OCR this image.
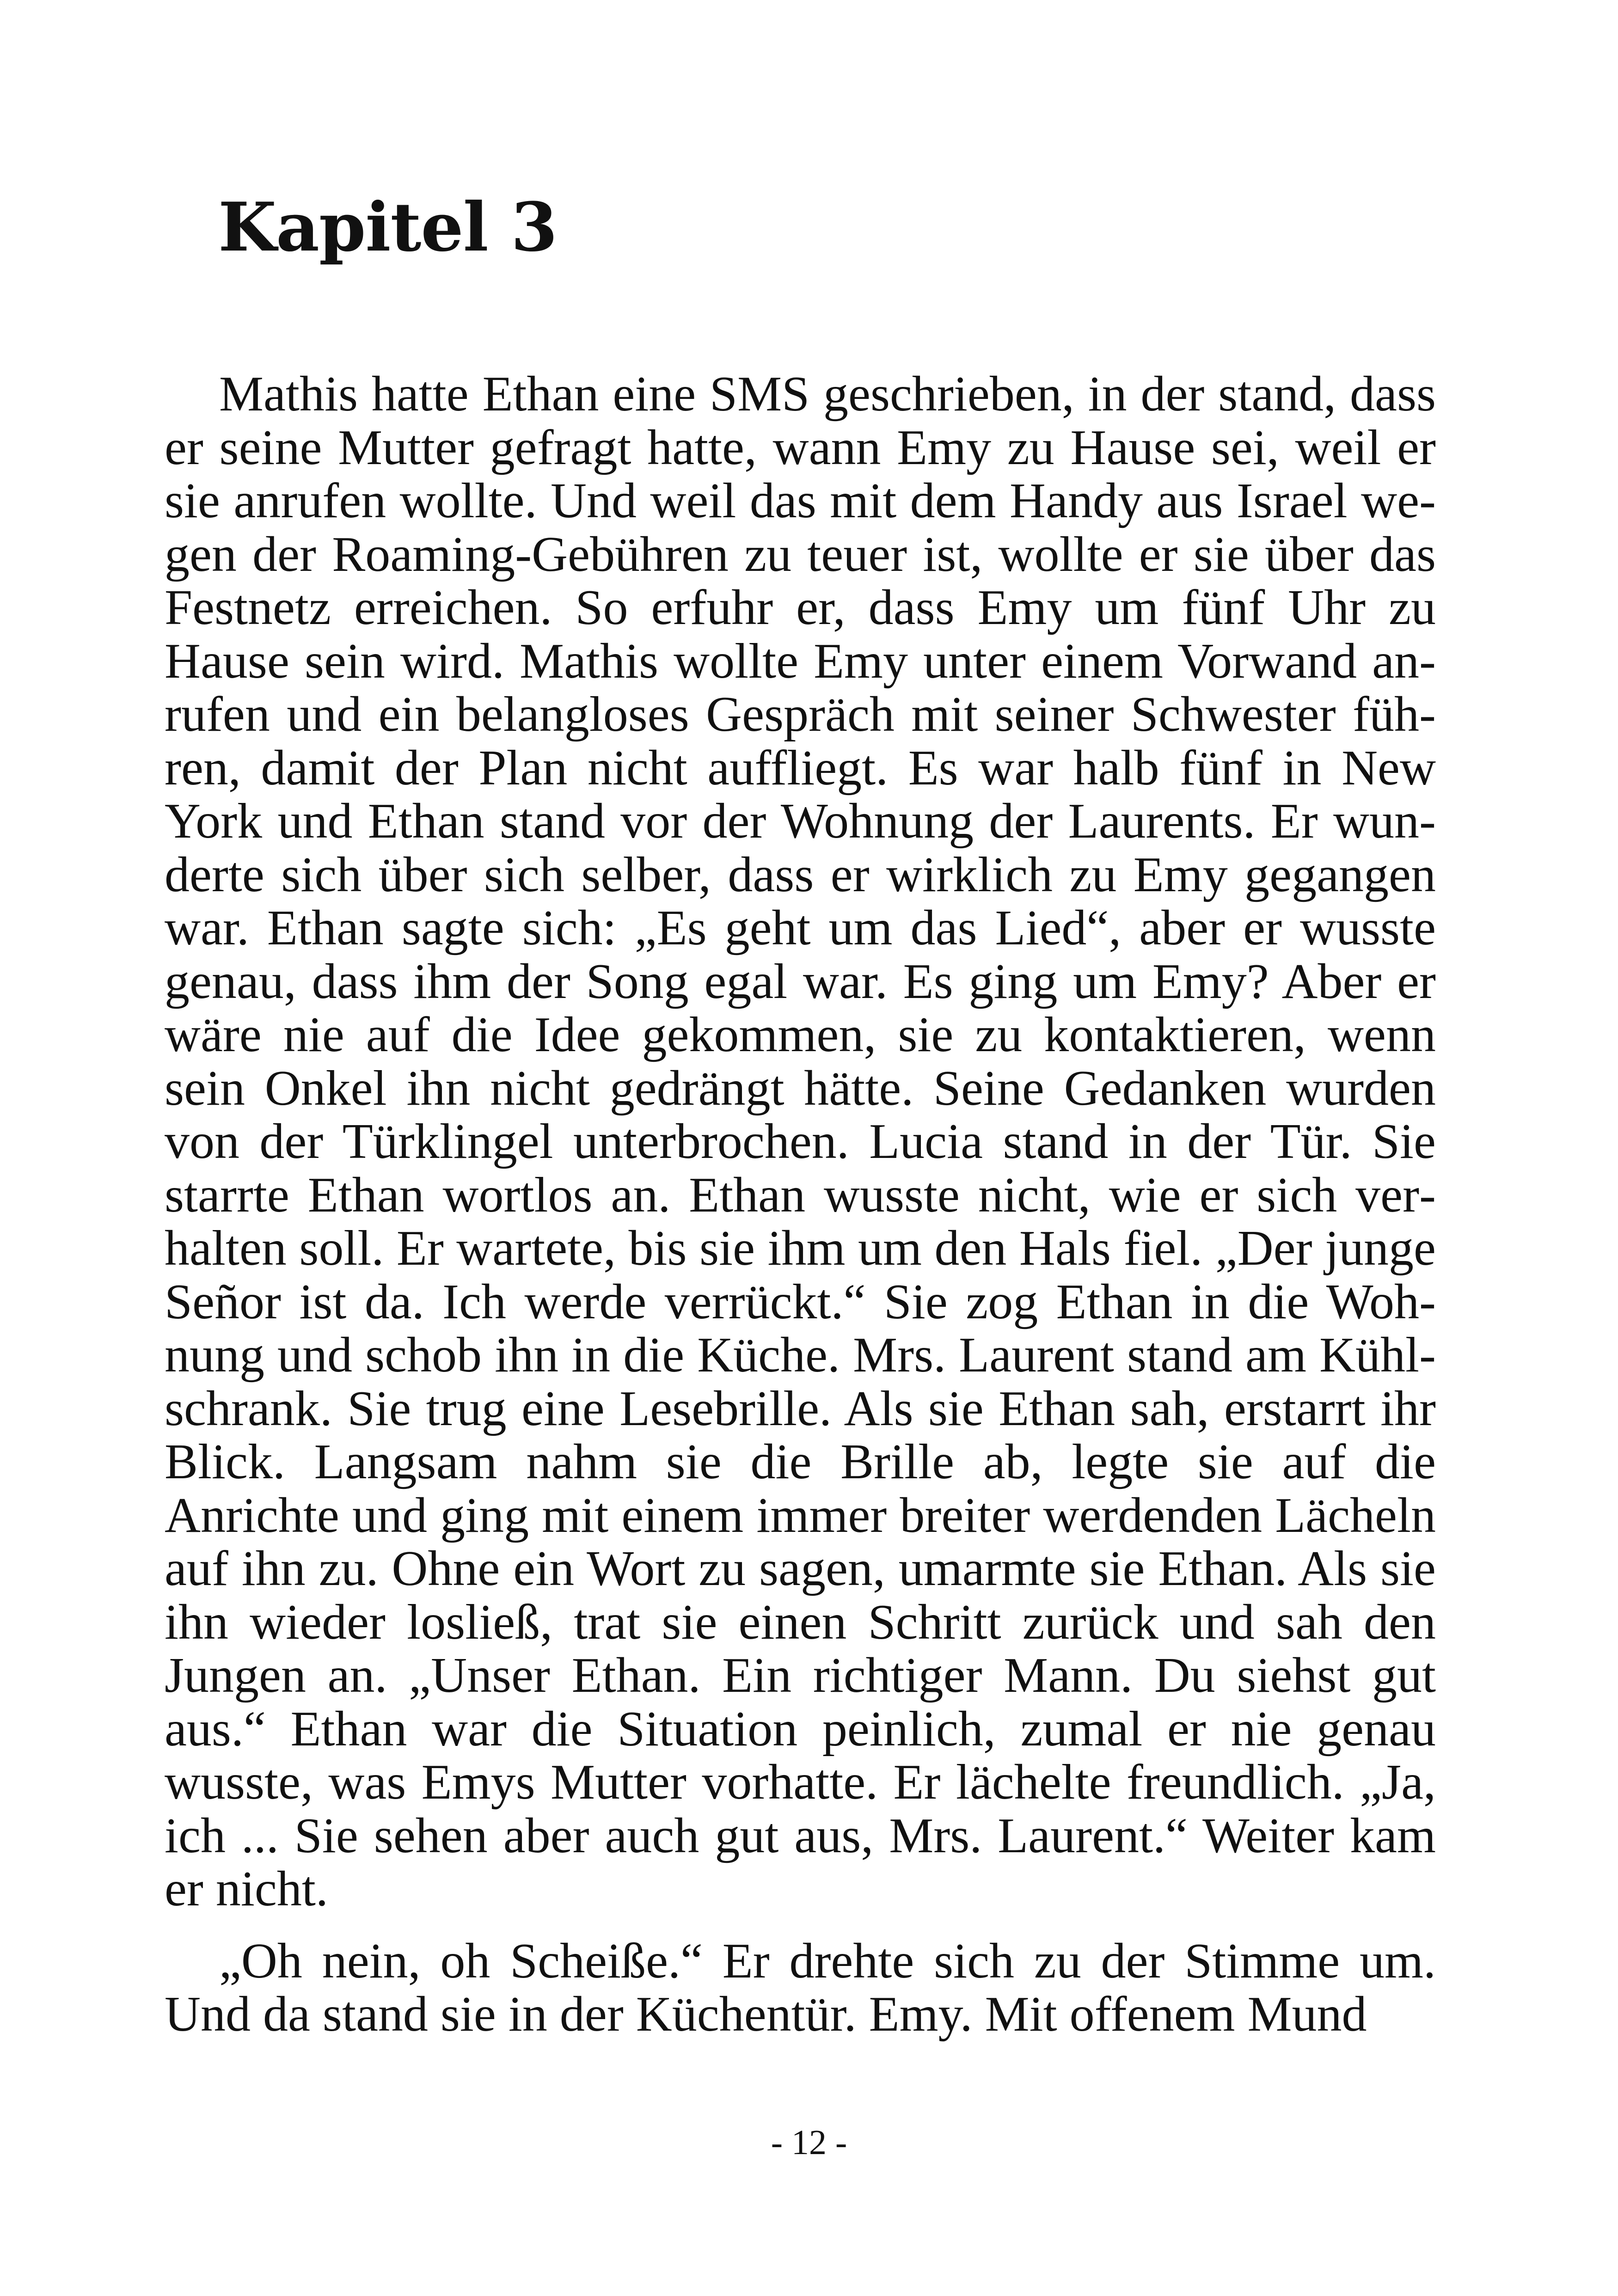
Kapitel 3

Mathis hatte Ethan eine SMS geschrieben, in der stand, dass er seine Mutter gefragt hatte, wann Emy zu Hause sei, weil er sie anrufen wollte. Und weil das mit dem Handy aus Israel wegen der Roaming-Gebühren zu teuer ist, wollte er sie über das Festnetz erreichen. So erfuhr er, dass Emy um fünf Uhr zu Hause sein wird. Mathis wollte Emy unter einem Vorwand anrufen und ein belangloses Gespräch mit seiner Schwester führen, damit der Plan nicht auffliegt. Es war halb fünf in New York und Ethan stand vor der Wohnung der Laurents. Er wunderte sich über sich selber, dass er wirklich zu Emy gegangen war. Ethan sagte sich: „Es geht um das Lied“, aber er wusste genau, dass ihm der Song egal war. Es ging um Emy? Aber er wäre nie auf die Idee gekommen, sie zu kontaktieren, wenn sein Onkel ihn nicht gedrängt hätte. Seine Gedanken wurden von der Türklingel unterbrochen. Lucia stand in der Tür. Sie starrte Ethan wortlos an. Ethan wusste nicht, wie er sich verhalten soll. Er wartete, bis sie ihm um den Hals fiel. „Der junge Señor ist da. Ich werde verrückt.“ Sie zog Ethan in die Wohnung und schob ihn in die Küche. Mrs. Laurent stand am Kühlschrank. Sie trug eine Lesebrille. Als sie Ethan sah, erstarrt ihr Blick. Langsam nahm sie die Brille ab, legte sie auf die Anrichte und ging mit einem immer breiter werdenden Lächeln auf ihn zu. Ohne ein Wort zu sagen, umarmte sie Ethan. Als sie ihn wieder losließ, trat sie einen Schritt zurück und sah den Jungen an. „Unser Ethan. Ein richtiger Mann. Du siehst gut aus.“ Ethan war die Situation peinlich, zumal er nie genau wusste, was Emys Mutter vorhatte. Er lächelte freundlich. „Ja, ich ... Sie sehen aber auch gut aus, Mrs. Laurent.“ Weiter kam er nicht.

„Oh nein, oh Scheiße.“ Er drehte sich zu der Stimme um. Und da stand sie in der Küchentür. Emy. Mit offenem Mund

- 12 -
